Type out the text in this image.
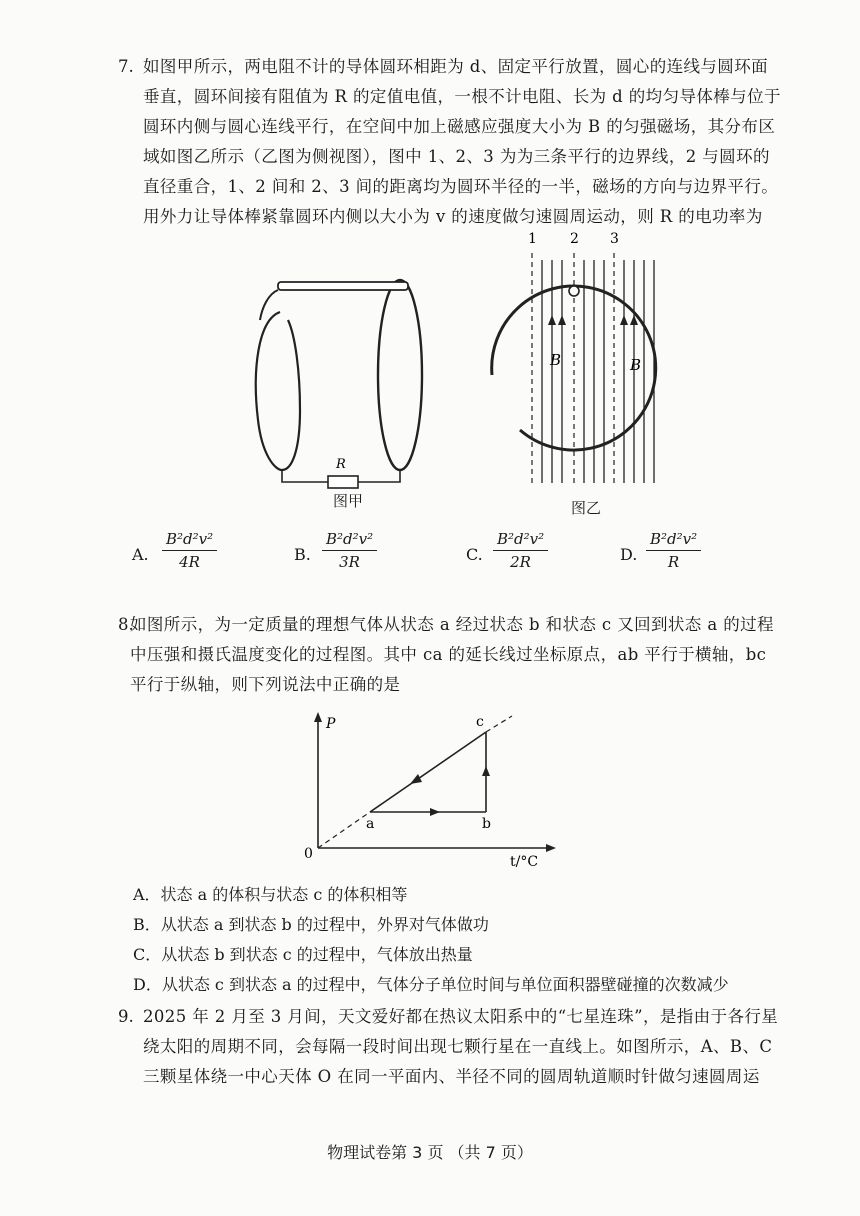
7. 如图甲所示，两电阻不计的导体圆环相距为 d、固定平行放置，圆心的连线与圆环面
垂直，圆环间接有阻值为 R 的定值电值，一根不计电阻、长为 d 的均匀导体棒与位于
圆环内侧与圆心连线平行，在空间中加上磁感应强度大小为 B 的匀强磁场，其分布区
域如图乙所示（乙图为侧视图），图中 1、2、3 为为三条平行的边界线，2 与圆环的
直径重合，1、2 间和 2、3 间的距离均为圆环半径的一半，磁场的方向与边界平行。
用外力让导体棒紧靠圆环内侧以大小为 v 的速度做匀速圆周运动，则 R 的电功率为
R
图甲
1 2 3
B	B
图乙
A. $\frac{\text{B²d²v²}}{4R}$	B. $\frac{\text{B²d²v²}}{3R}$	C. $\frac{\text{B²d²v²}}{2R}$	D. $\frac{\text{B²d²v²}}{R}$
8.
如图所示，为一定质量的理想气体从状态 a 经过状态 b 和状态 c 又回到状态 a 的过程
中压强和摄氏温度变化的过程图。其中 ca 的延长线过坐标原点，ab 平行于横轴，bc
平行于纵轴，则下列说法中正确的是
P
t/°C
0
a	b
c
A．状态 a 的体积与状态 c 的体积相等
B．从状态 a 到状态 b 的过程中，外界对气体做功
C．从状态 b 到状态 c 的过程中，气体放出热量
D．从状态 c 到状态 a 的过程中，气体分子单位时间与单位面积器壁碰撞的次数减少
9. 2025 年 2 月至 3 月间，天文爱好都在热议太阳系中的“七星连珠”，是指由于各行星
绕太阳的周期不同，会每隔一段时间出现七颗行星在一直线上。如图所示，A、B、C
三颗星体绕一中心天体 O 在同一平面内、半径不同的圆周轨道顺时针做匀速圆周运
物理试卷第 3 页 （共 7 页）
